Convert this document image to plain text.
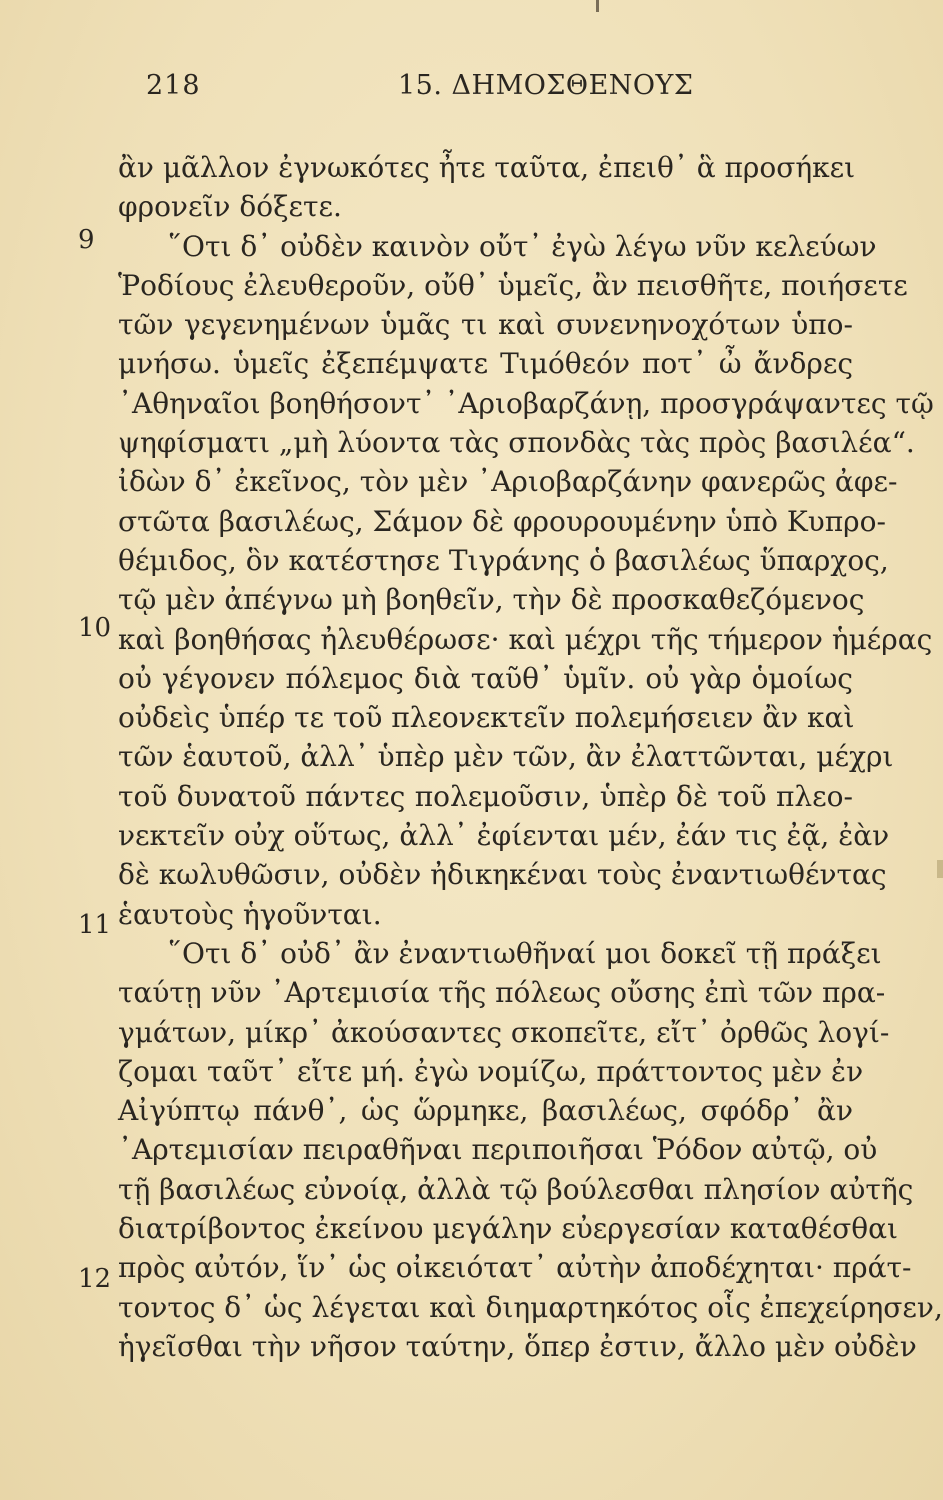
218	15. ΔΗΜΟΣΘΕΝΟΥΣ
9
10
11
12
ἂν μᾶλλον ἐγνωκότες ἦτε ταῦτα, ἐπειθ᾽ ἃ προσήκει
φρονεῖν δόξετε.
῞Οτι δ᾽ οὐδὲν καινὸν οὔτ᾽ ἐγὼ λέγω νῦν κελεύων
Ῥοδίους ἐλευθεροῦν, οὔθ᾽ ὑμεῖς, ἂν πεισθῆτε, ποιήσετε
τῶν γεγενημένων ὑμᾶς τι καὶ συνενηνοχότων ὑπο-
μνήσω. ὑμεῖς ἐξεπέμψατε Τιμόθεόν ποτ᾽ ὦ ἄνδρες
᾽Αθηναῖοι βοηθήσοντ᾽ ᾽Αριοβαρζάνῃ, προσγράψαντες τῷ
ψηφίσματι „μὴ λύοντα τὰς σπονδὰς τὰς πρὸς βασιλέα“.
ἰδὼν δ᾽ ἐκεῖνος, τὸν μὲν ᾽Αριοβαρζάνην φανερῶς ἀφε-
στῶτα βασιλέως, Σάμον δὲ φρουρουμένην ὑπὸ Κυπρο-
θέμιδος, ὃν κατέστησε Τιγράνης ὁ βασιλέως ὕπαρχος,
τῷ μὲν ἀπέγνω μὴ βοηθεῖν, τὴν δὲ προσκαθεζόμενος
καὶ βοηθήσας ἠλευθέρωσε· καὶ μέχρι τῆς τήμερον ἡμέρας
οὐ γέγονεν πόλεμος διὰ ταῦθ᾽ ὑμῖν. οὐ γὰρ ὁμοίως
οὐδεὶς ὑπέρ τε τοῦ πλεονεκτεῖν πολεμήσειεν ἂν καὶ
τῶν ἑαυτοῦ, ἀλλ᾽ ὑπὲρ μὲν τῶν, ἂν ἐλαττῶνται, μέχρι
τοῦ δυνατοῦ πάντες πολεμοῦσιν, ὑπὲρ δὲ τοῦ πλεο-
νεκτεῖν οὐχ οὕτως, ἀλλ᾽ ἐφίενται μέν, ἐάν τις ἐᾷ, ἐὰν
δὲ κωλυθῶσιν, οὐδὲν ἠδικηκέναι τοὺς ἐναντιωθέντας
ἑαυτοὺς ἡγοῦνται.
῞Οτι δ᾽ οὐδ᾽ ἂν ἐναντιωθῆναί μοι δοκεῖ τῇ πράξει
ταύτῃ νῦν ᾽Αρτεμισία τῆς πόλεως οὔσης ἐπὶ τῶν πρα-
γμάτων, μίκρ᾽ ἀκούσαντες σκοπεῖτε, εἴτ᾽ ὀρθῶς λογί-
ζομαι ταῦτ᾽ εἴτε μή. ἐγὼ νομίζω, πράττοντος μὲν ἐν
Αἰγύπτῳ πάνθ᾽, ὡς ὥρμηκε, βασιλέως, σφόδρ᾽ ἂν
᾽Αρτεμισίαν πειραθῆναι περιποιῆσαι Ῥόδον αὐτῷ, οὐ
τῇ βασιλέως εὐνοίᾳ, ἀλλὰ τῷ βούλεσθαι πλησίον αὐτῆς
διατρίβοντος ἐκείνου μεγάλην εὐεργεσίαν καταθέσθαι
πρὸς αὐτόν, ἵν᾽ ὡς οἰκειότατ᾽ αὐτὴν ἀποδέχηται· πράτ-
τοντος δ᾽ ὡς λέγεται καὶ διημαρτηκότος οἷς ἐπεχείρησεν,
ἡγεῖσθαι τὴν νῆσον ταύτην, ὅπερ ἐστιν, ἄλλο μὲν οὐδὲν
